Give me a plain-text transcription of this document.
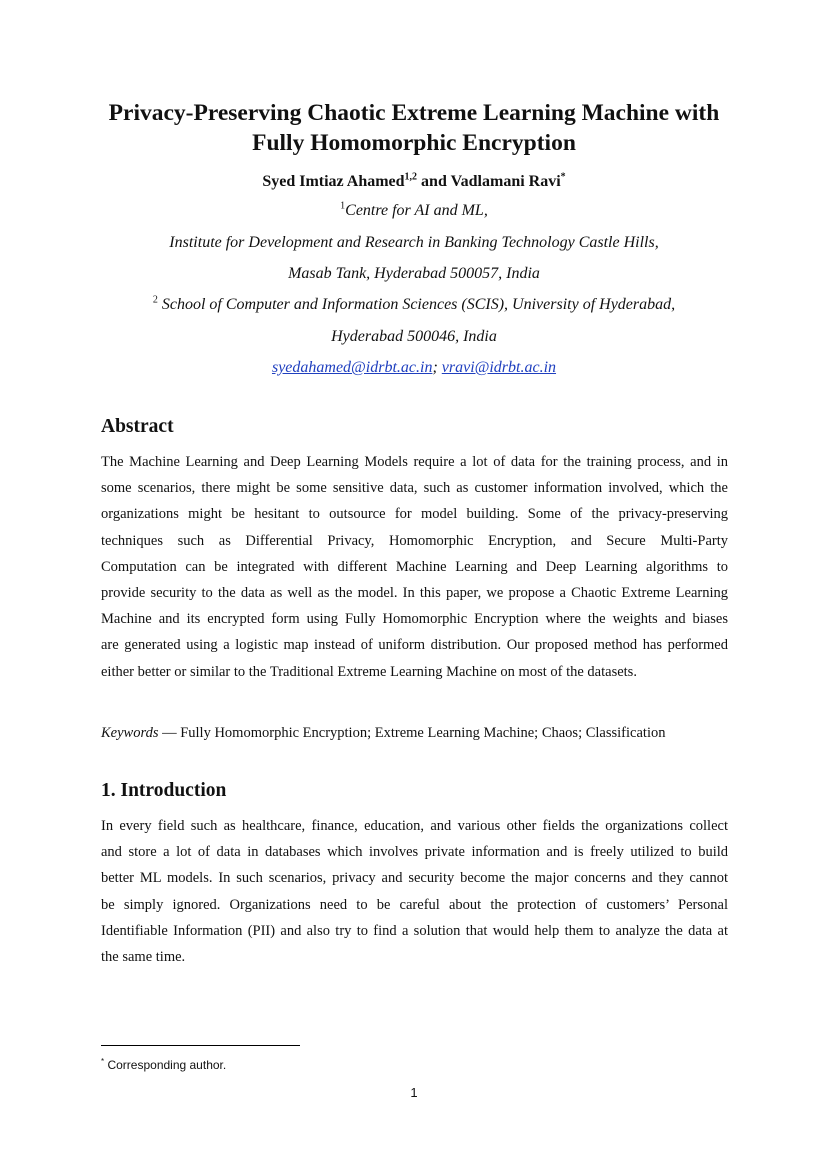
Privacy-Preserving Chaotic Extreme Learning Machine with
Fully Homomorphic Encryption
Syed Imtiaz Ahamed$^{1,2}$ and Vadlamani Ravi*
$^1$Centre for AI and ML,
Institute for Development and Research in Banking Technology Castle Hills,
Masab Tank, Hyderabad 500057, India
$^2$ School of Computer and Information Sciences (SCIS), University of Hyderabad,
Hyderabad 500046, India
syedahamed@idrbt.ac.in; vravi@idrbt.ac.in
Abstract
The Machine Learning and Deep Learning Models require a lot of data for the training process, and in
some scenarios, there might be some sensitive data, such as customer information involved, which the
organizations might be hesitant to outsource for model building. Some of the privacy-preserving
techniques such as Differential Privacy, Homomorphic Encryption, and Secure Multi-Party
Computation can be integrated with different Machine Learning and Deep Learning algorithms to
provide security to the data as well as the model. In this paper, we propose a Chaotic Extreme Learning
Machine and its encrypted form using Fully Homomorphic Encryption where the weights and biases
are generated using a logistic map instead of uniform distribution. Our proposed method has performed
either better or similar to the Traditional Extreme Learning Machine on most of the datasets.
Keywords — Fully Homomorphic Encryption; Extreme Learning Machine; Chaos; Classification
1. Introduction
In every field such as healthcare, finance, education, and various other fields the organizations collect
and store a lot of data in databases which involves private information and is freely utilized to build
better ML models. In such scenarios, privacy and security become the major concerns and they cannot
be simply ignored. Organizations need to be careful about the protection of customers’ Personal
Identifiable Information (PII) and also try to find a solution that would help them to analyze the data at
the same time.
* Corresponding author.
1
